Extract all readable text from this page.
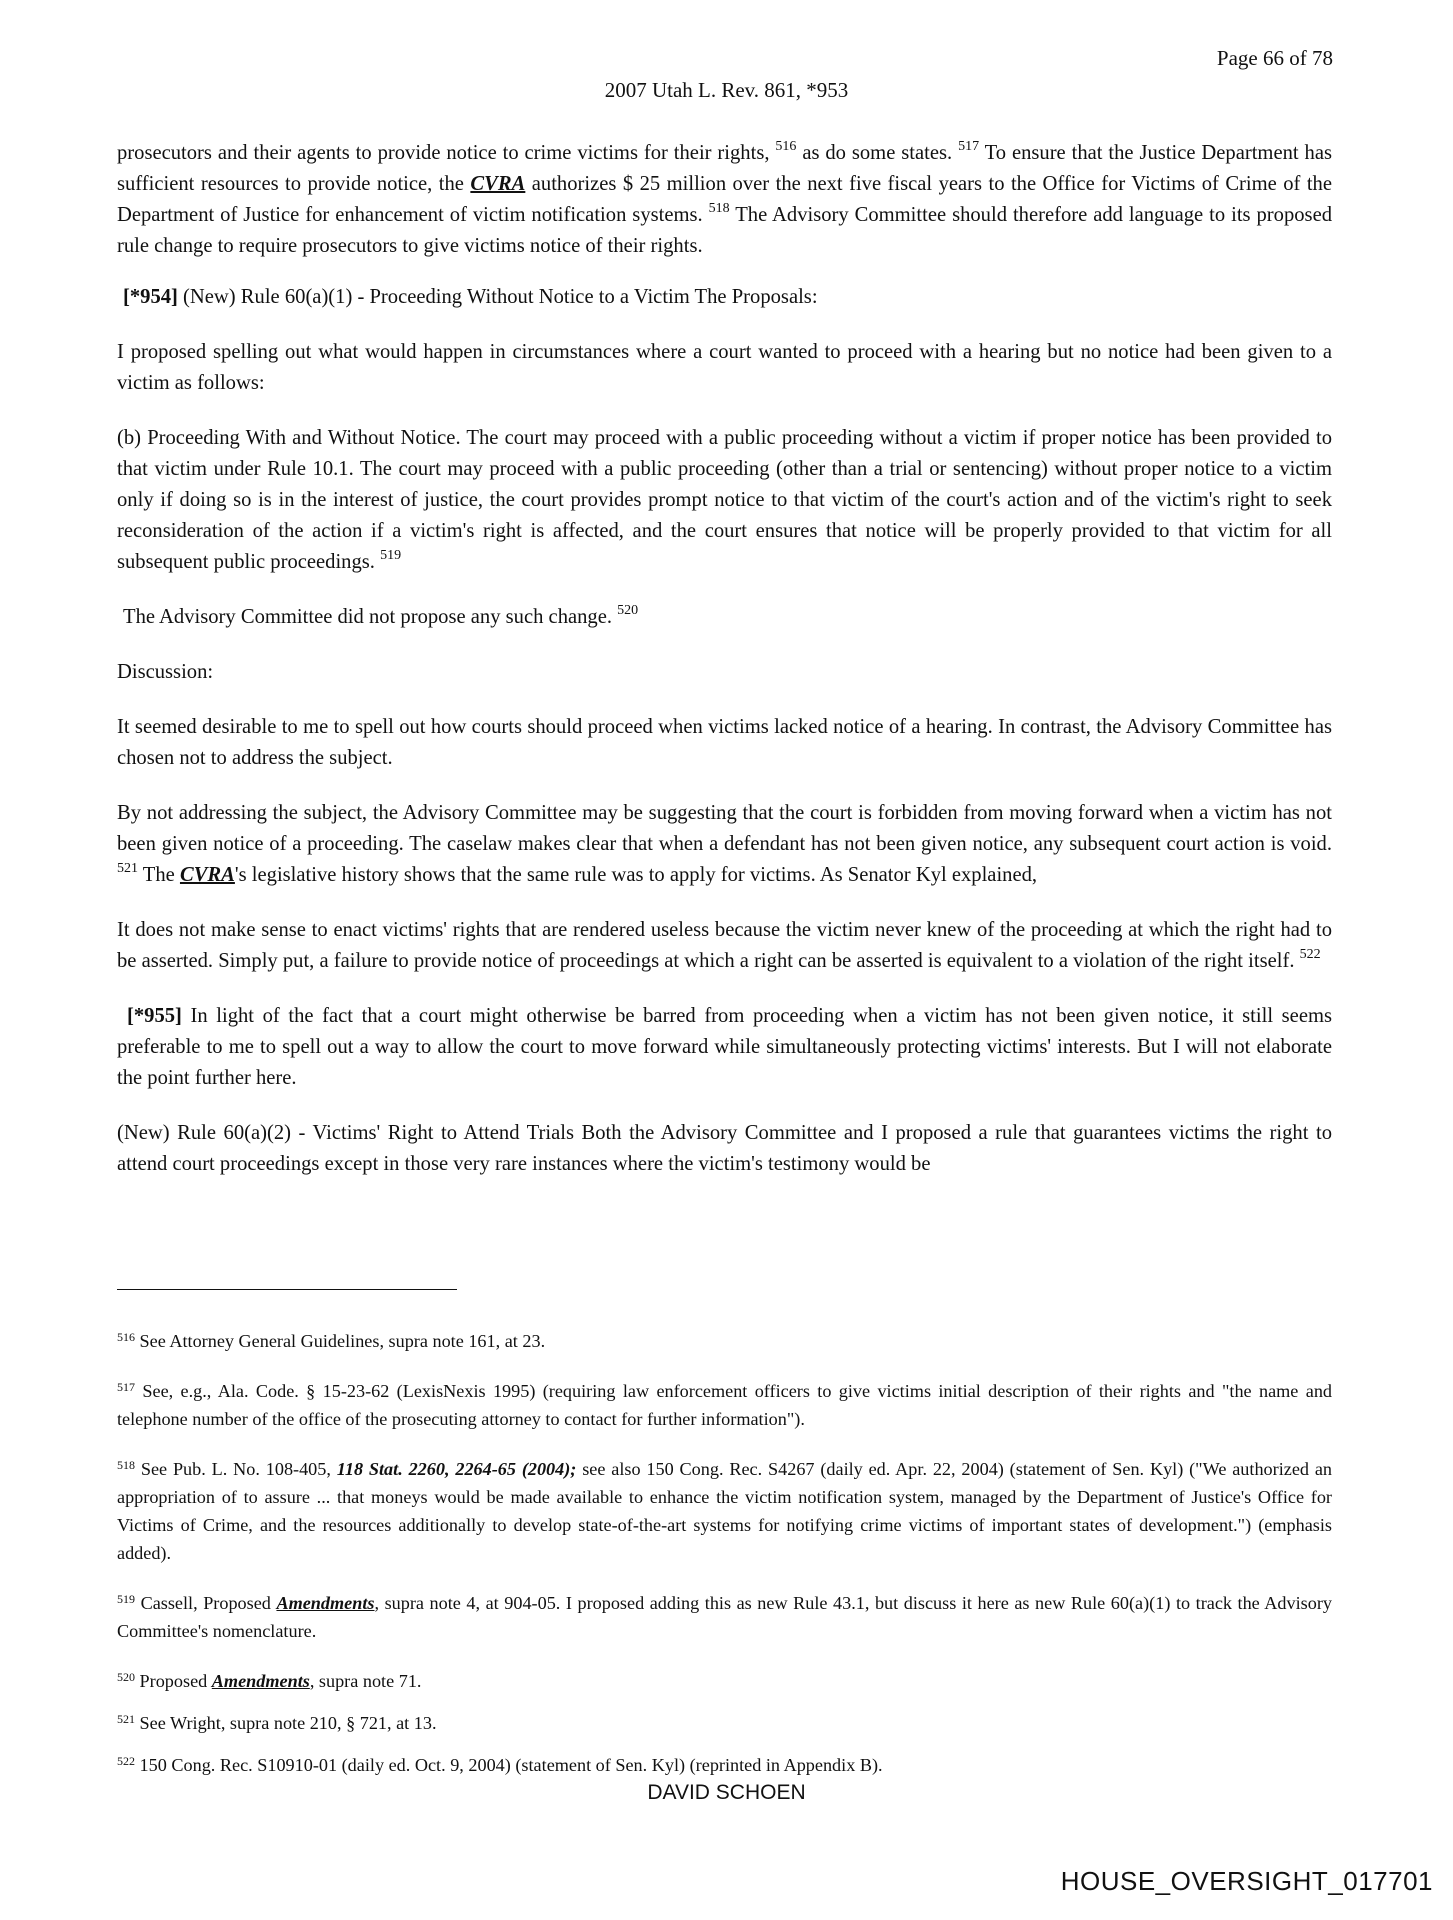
Page 66 of 78
2007 Utah L. Rev. 861, *953

prosecutors and their agents to provide notice to crime victims for their rights, $^{516}$ as do some states. $^{517}$ To ensure that the Justice Department has sufficient resources to provide notice, the CVRA authorizes $ 25 million over the next five fiscal years to the Office for Victims of Crime of the Department of Justice for enhancement of victim notification systems. $^{518}$ The Advisory Committee should therefore add language to its proposed rule change to require prosecutors to give victims notice of their rights.

[*954] (New) Rule 60(a)(1) - Proceeding Without Notice to a Victim The Proposals:

I proposed spelling out what would happen in circumstances where a court wanted to proceed with a hearing but no notice had been given to a victim as follows:

(b) Proceeding With and Without Notice. The court may proceed with a public proceeding without a victim if proper notice has been provided to that victim under Rule 10.1. The court may proceed with a public proceeding (other than a trial or sentencing) without proper notice to a victim only if doing so is in the interest of justice, the court provides prompt notice to that victim of the court's action and of the victim's right to seek reconsideration of the action if a victim's right is affected, and the court ensures that notice will be properly provided to that victim for all subsequent public proceedings. $^{519}$

The Advisory Committee did not propose any such change. $^{520}$

Discussion:

It seemed desirable to me to spell out how courts should proceed when victims lacked notice of a hearing. In contrast, the Advisory Committee has chosen not to address the subject.

By not addressing the subject, the Advisory Committee may be suggesting that the court is forbidden from moving forward when a victim has not been given notice of a proceeding. The caselaw makes clear that when a defendant has not been given notice, any subsequent court action is void. $^{521}$ The CVRA's legislative history shows that the same rule was to apply for victims. As Senator Kyl explained,

It does not make sense to enact victims' rights that are rendered useless because the victim never knew of the proceeding at which the right had to be asserted. Simply put, a failure to provide notice of proceedings at which a right can be asserted is equivalent to a violation of the right itself. $^{522}$

[*955] In light of the fact that a court might otherwise be barred from proceeding when a victim has not been given notice, it still seems preferable to me to spell out a way to allow the court to move forward while simultaneously protecting victims' interests. But I will not elaborate the point further here.

(New) Rule 60(a)(2) - Victims' Right to Attend Trials Both the Advisory Committee and I proposed a rule that guarantees victims the right to attend court proceedings except in those very rare instances where the victim's testimony would be

$^{516}$ See Attorney General Guidelines, supra note 161, at 23.

$^{517}$ See, e.g., Ala. Code. § 15-23-62 (LexisNexis 1995) (requiring law enforcement officers to give victims initial description of their rights and "the name and telephone number of the office of the prosecuting attorney to contact for further information").

$^{518}$ See Pub. L. No. 108-405, 118 Stat. 2260, 2264-65 (2004); see also 150 Cong. Rec. S4267 (daily ed. Apr. 22, 2004) (statement of Sen. Kyl) ("We authorized an appropriation of to assure ... that moneys would be made available to enhance the victim notification system, managed by the Department of Justice's Office for Victims of Crime, and the resources additionally to develop state-of-the-art systems for notifying crime victims of important states of development.") (emphasis added).

$^{519}$ Cassell, Proposed Amendments, supra note 4, at 904-05. I proposed adding this as new Rule 43.1, but discuss it here as new Rule 60(a)(1) to track the Advisory Committee's nomenclature.

$^{520}$ Proposed Amendments, supra note 71.

$^{521}$ See Wright, supra note 210, § 721, at 13.

$^{522}$ 150 Cong. Rec. S10910-01 (daily ed. Oct. 9, 2004) (statement of Sen. Kyl) (reprinted in Appendix B).

DAVID SCHOEN
HOUSE_OVERSIGHT_017701
